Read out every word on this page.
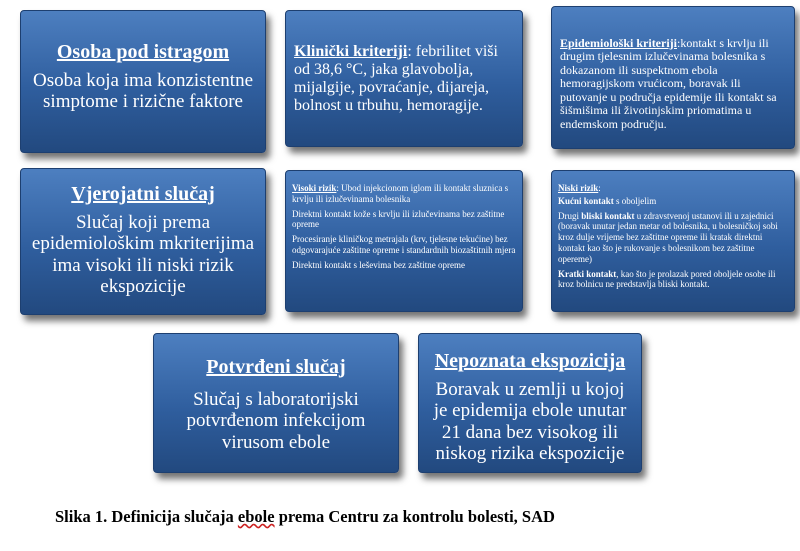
Osoba pod istragom

Osoba koja ima konzistentne simptome i rizične faktore

Klinički kriteriji: febrilitet viši od 38,6 °C, jaka glavobolja, mijalgije, povraćanje, dijareja, bolnost u trbuhu, hemoragije.

Epidemiološki kriteriji:kontakt s krvlju ili drugim tjelesnim izlučevinama bolesnika s dokazanom ili suspektnom ebola hemoragijskom vrućicom, boravak ili putovanje u područja epidemije ili kontakt sa šišmišima ili životinjskim priomatima u endemskom području.

Vjerojatni slučaj

Slučaj koji prema epidemiološkim mkriterijima ima visoki ili niski rizik ekspozicije

Visoki rizik: Ubod injekcionom iglom ili kontakt sluznica s krvlju ili izlučevinama bolesnika

Direktni kontakt kože s krvlju ili izlučevinama bez zaštitne opreme

Procesiranje kliničkog metrajala (krv, tjelesne tekućine) bez odgovarajuće zaštitne opreme i standardnih biozaštitnih mjera

Direktni kontakt s leševima bez zaštitne opreme

Niski rizik:

Kućni kontakt s oboljelim

Drugi bliski kontakt u zdravstvenoj ustanovi ili u zajednici (boravak unutar jedan metar od bolesnika, u bolesničkoj sobi kroz dulje vrijeme bez zaštitne opreme ili kratak direktni kontakt kao što je rukovanje s bolesnikom bez zaštitne opereme)

Kratki kontakt, kao što je prolazak pored oboljele osobe ili kroz bolnicu ne predstavlja bliski kontakt.

Potvrđeni slučaj

Slučaj s laboratorijski potvrđenom infekcijom virusom ebole

Nepoznata ekspozicija

Boravak u zemlji u kojoj je epidemija ebole unutar 21 dana bez visokog ili niskog rizika ekspozicije

Slika 1. Definicija slučaja ebole prema Centru za kontrolu bolesti, SAD
